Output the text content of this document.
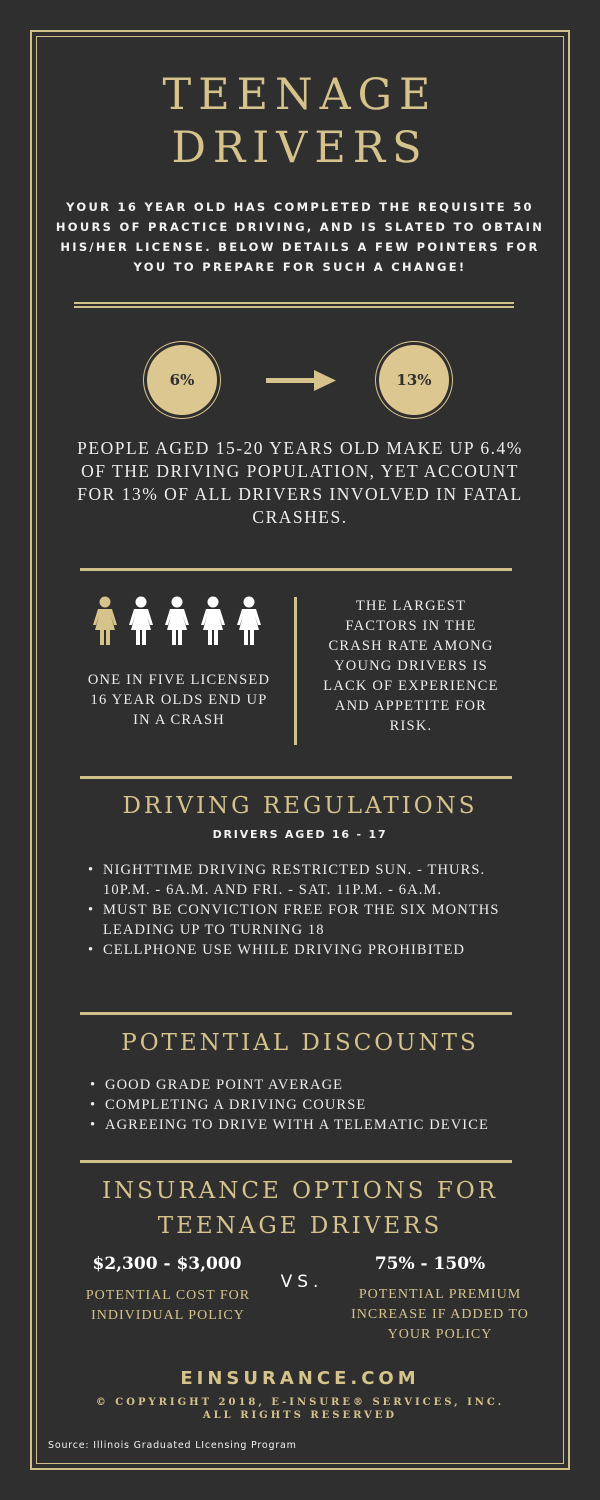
TEENAGE
DRIVERS
YOUR 16 YEAR OLD HAS COMPLETED THE REQUISITE 50 HOURS OF PRACTICE DRIVING, AND IS SLATED TO OBTAIN HIS/HER LICENSE. BELOW DETAILS A FEW POINTERS FOR YOU TO PREPARE FOR SUCH A CHANGE!
6%	13%
PEOPLE AGED 15-20 YEARS OLD MAKE UP 6.4% OF THE DRIVING POPULATION, YET ACCOUNT FOR 13% OF ALL DRIVERS INVOLVED IN FATAL CRASHES.
ONE IN FIVE LICENSED 16 YEAR OLDS END UP IN A CRASH
THE LARGEST FACTORS IN THE CRASH RATE AMONG YOUNG DRIVERS IS LACK OF EXPERIENCE AND APPETITE FOR RISK.
DRIVING REGULATIONS
DRIVERS AGED 16 - 17
• NIGHTTIME DRIVING RESTRICTED SUN. - THURS. 10P.M. - 6A.M. AND FRI. - SAT. 11P.M. - 6A.M.
• MUST BE CONVICTION FREE FOR THE SIX MONTHS LEADING UP TO TURNING 18
• CELLPHONE USE WHILE DRIVING PROHIBITED
POTENTIAL DISCOUNTS
• GOOD GRADE POINT AVERAGE
• COMPLETING A DRIVING COURSE
• AGREEING TO DRIVE WITH A TELEMATIC DEVICE
INSURANCE OPTIONS FOR
TEENAGE DRIVERS
$2,300 - $3,000
POTENTIAL COST FOR INDIVIDUAL POLICY
VS.
75% - 150%
POTENTIAL PREMIUM INCREASE IF ADDED TO YOUR POLICY
EINSURANCE.COM
© COPYRIGHT 2018, E-INSURE® SERVICES, INC.
ALL RIGHTS RESERVED
Source: Illinois Graduated LIcensing Program
